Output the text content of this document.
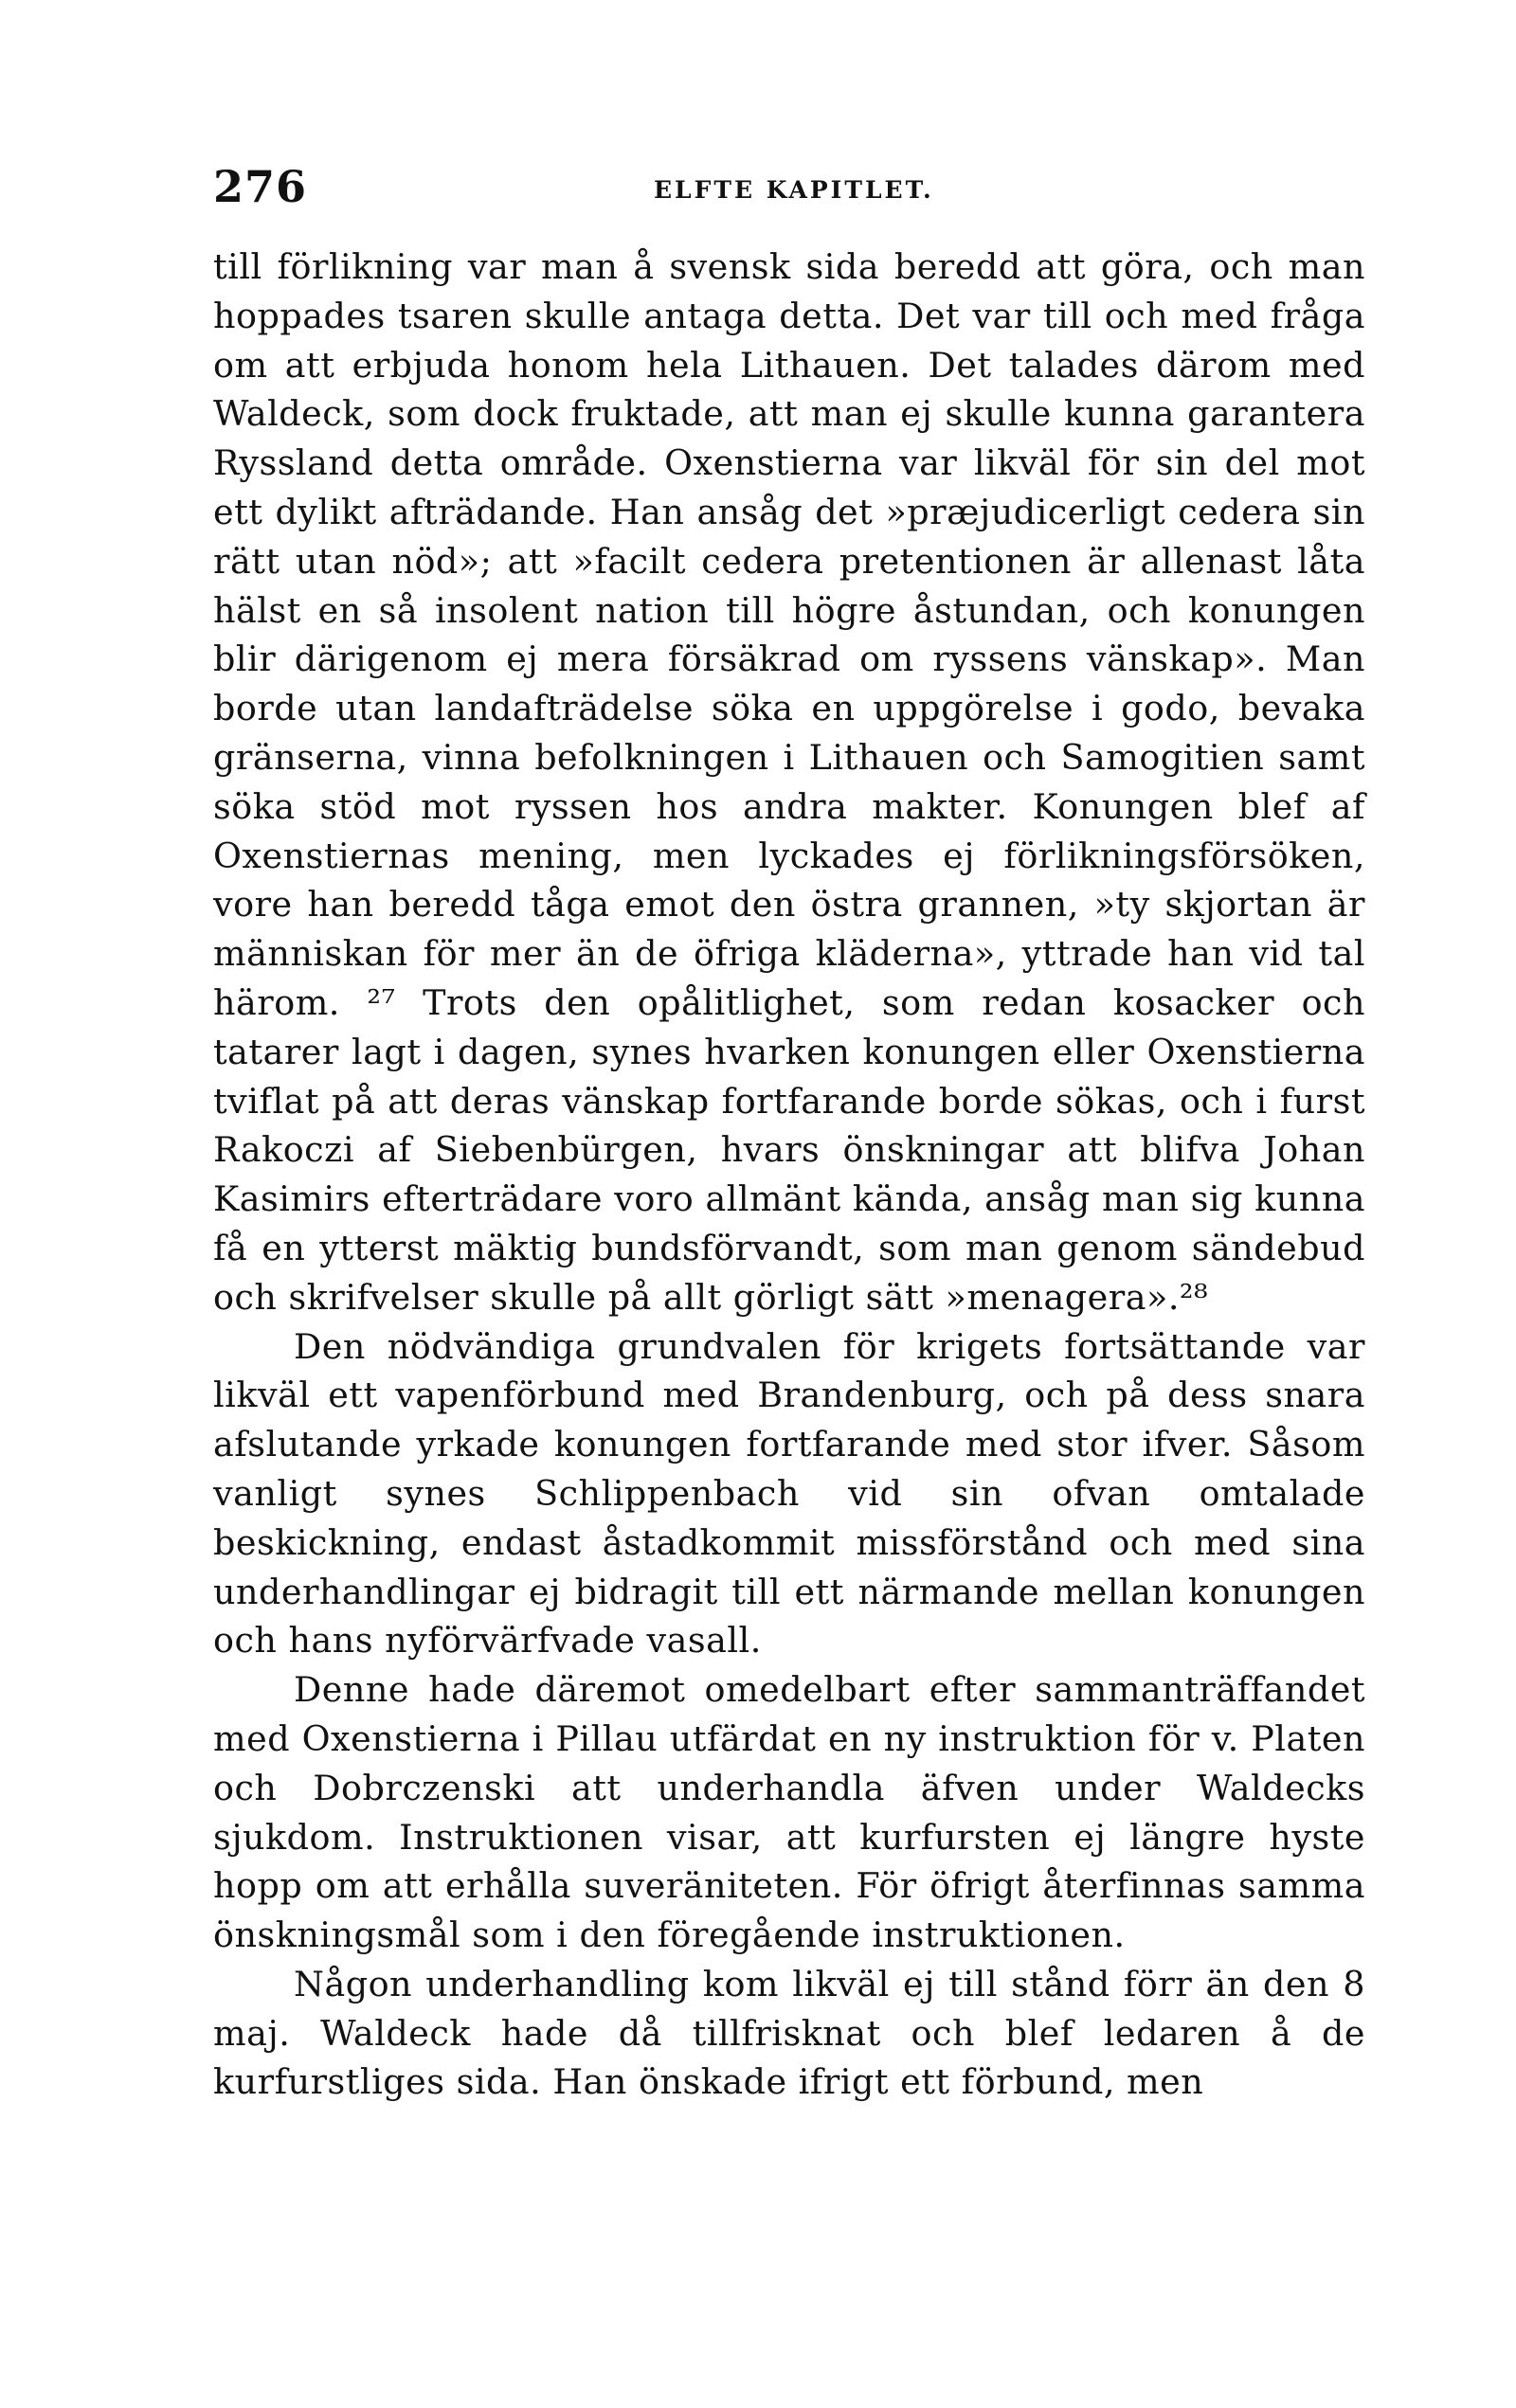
276	ELFTE KAPITLET.

till förlikning var man å svensk sida beredd att göra, och man hoppades tsaren skulle antaga detta. Det var till och med fråga om att erbjuda honom hela Lithauen. Det talades därom med Waldeck, som dock fruktade, att man ej skulle kunna garantera Ryssland detta område. Oxenstierna var likväl för sin del mot ett dylikt afträdande. Han ansåg det »præjudicerligt cedera sin rätt utan nöd»; att »facilt cedera pretentionen är allenast låta hälst en så insolent nation till högre åstundan, och konungen blir därigenom ej mera försäkrad om ryssens vänskap». Man borde utan landafträdelse söka en uppgörelse i godo, bevaka gränserna, vinna befolkningen i Lithauen och Samogitien samt söka stöd mot ryssen hos andra makter. Konungen blef af Oxenstiernas mening, men lyckades ej förlikningsförsöken, vore han beredd tåga emot den östra grannen, »ty skjortan är människan för mer än de öfriga kläderna», yttrade han vid tal härom. ²⁷ Trots den opålitlighet, som redan kosacker och tatarer lagt i dagen, synes hvarken konungen eller Oxenstierna tviflat på att deras vänskap fortfarande borde sökas, och i furst Rakoczi af Siebenbürgen, hvars önskningar att blifva Johan Kasimirs efterträdare voro allmänt kända, ansåg man sig kunna få en ytterst mäktig bundsförvandt, som man genom sändebud och skrifvelser skulle på allt görligt sätt »menagera».²⁸

Den nödvändiga grundvalen för krigets fortsättande var likväl ett vapenförbund med Brandenburg, och på dess snara afslutande yrkade konungen fortfarande med stor ifver. Såsom vanligt synes Schlippenbach vid sin ofvan omtalade beskickning, endast åstadkommit missförstånd och med sina underhandlingar ej bidragit till ett närmande mellan konungen och hans nyförvärfvade vasall.

Denne hade däremot omedelbart efter sammanträffandet med Oxenstierna i Pillau utfärdat en ny instruktion för v. Platen och Dobrczenski att underhandla äfven under Waldecks sjukdom. Instruktionen visar, att kurfursten ej längre hyste hopp om att erhålla suveräniteten. För öfrigt återfinnas samma önskningsmål som i den föregående instruktionen.

Någon underhandling kom likväl ej till stånd förr än den 8 maj. Waldeck hade då tillfrisknat och blef ledaren å de kurfurstliges sida. Han önskade ifrigt ett förbund, men
